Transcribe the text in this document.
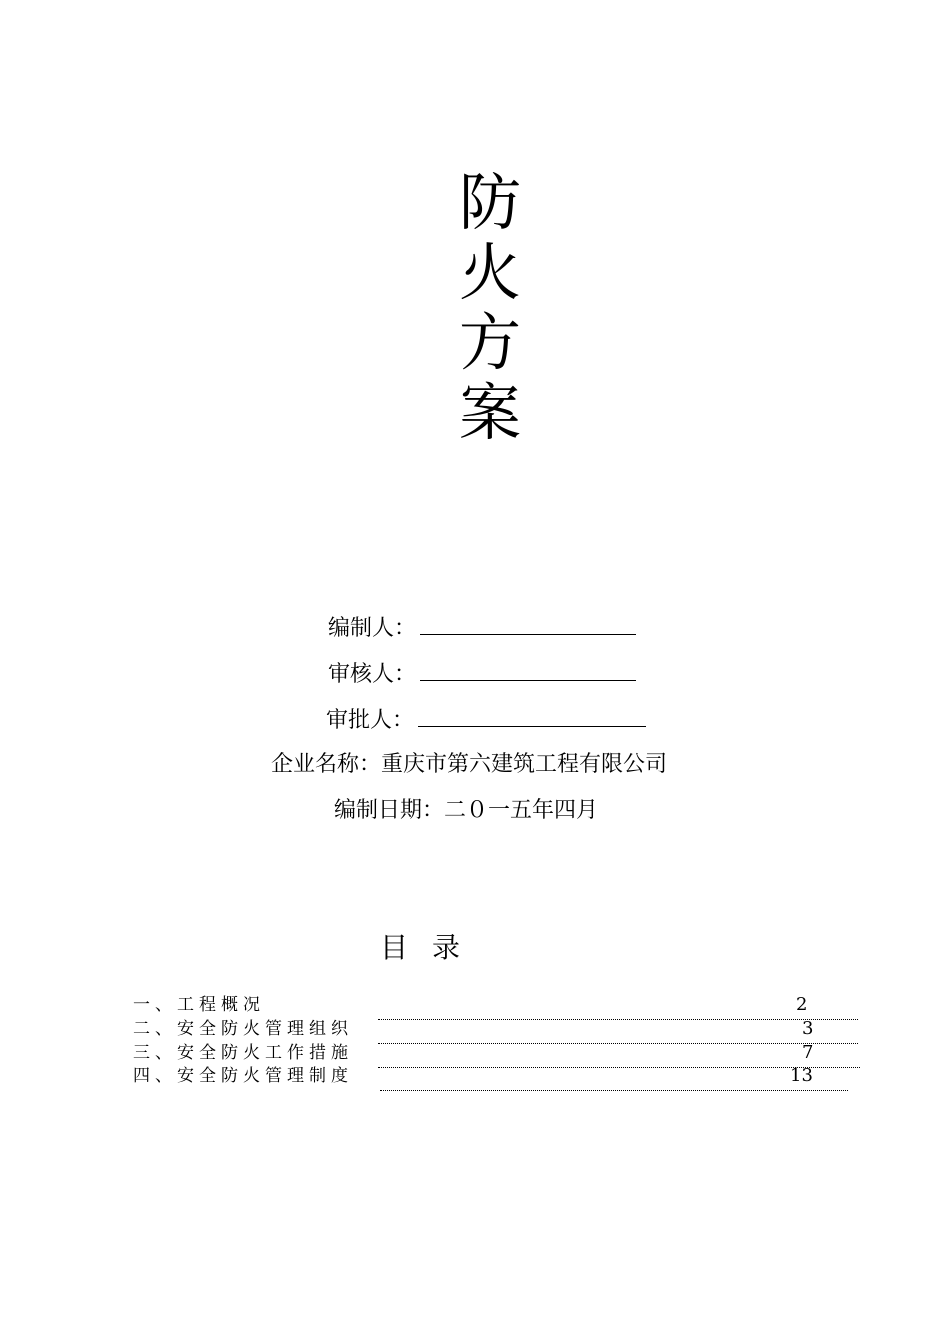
防
火
方
案
编制人：
审核人：
审批人：
企业名称：重庆市第六建筑工程有限公司
编制日期：二０一五年四月
目录
一、工程概况	2
二、安全防火管理组织	3
三、安全防火工作措施	7
四、安全防火管理制度	13
